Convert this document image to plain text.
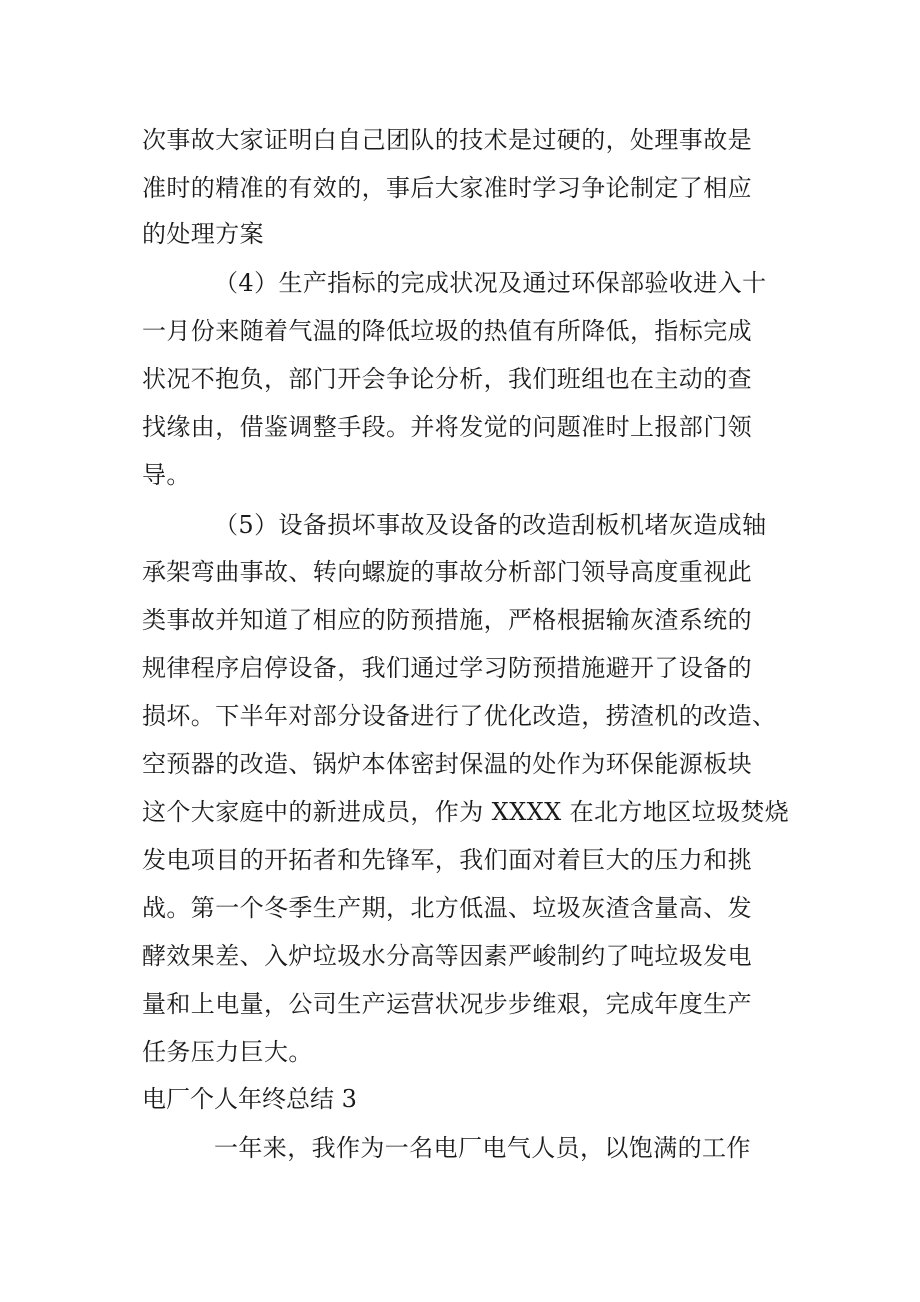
次事故大家证明白自己团队的技术是过硬的，处理事故是
准时的精准的有效的，事后大家准时学习争论制定了相应
的处理方案
（4）生产指标的完成状况及通过环保部验收进入十
一月份来随着气温的降低垃圾的热值有所降低，指标完成
状况不抱负，部门开会争论分析，我们班组也在主动的查
找缘由，借鉴调整手段。并将发觉的问题准时上报部门领
导。
（5）设备损坏事故及设备的改造刮板机堵灰造成轴
承架弯曲事故、转向螺旋的事故分析部门领导高度重视此
类事故并知道了相应的防预措施，严格根据输灰渣系统的
规律程序启停设备，我们通过学习防预措施避开了设备的
损坏。下半年对部分设备进行了优化改造，捞渣机的改造、
空预器的改造、锅炉本体密封保温的处作为环保能源板块
这个大家庭中的新进成员，作为 XXXX 在北方地区垃圾焚烧
发电项目的开拓者和先锋军，我们面对着巨大的压力和挑
战。第一个冬季生产期，北方低温、垃圾灰渣含量高、发
酵效果差、入炉垃圾水分高等因素严峻制约了吨垃圾发电
量和上电量，公司生产运营状况步步维艰，完成年度生产
任务压力巨大。
电厂个人年终总结 3
一年来，我作为一名电厂电气人员，以饱满的工作
